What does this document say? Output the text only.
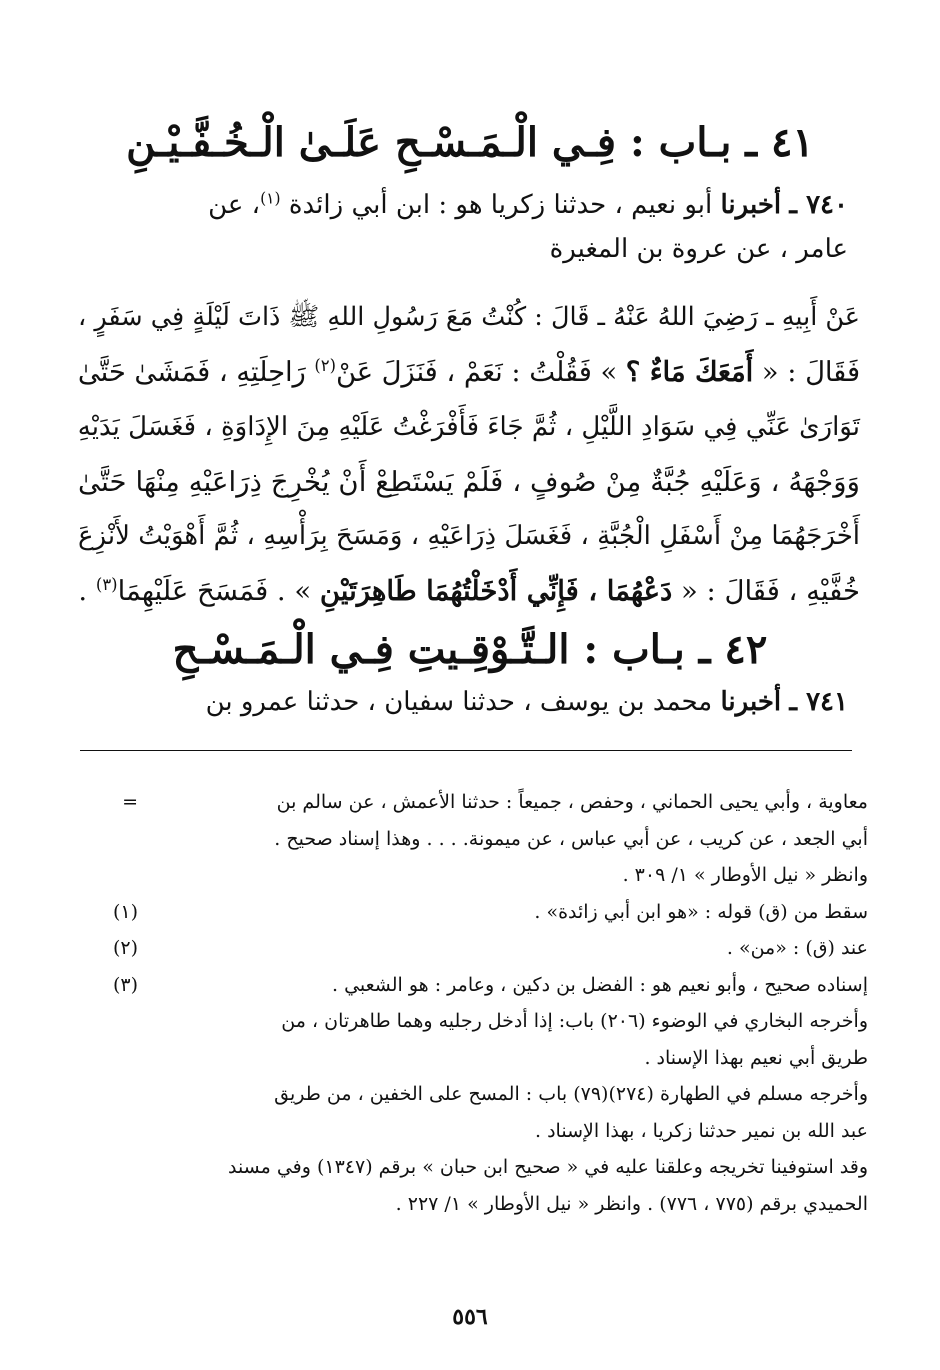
٤١ ـ بـاب : فِـي الْـمَـسْـحِ عَلَـىٰ الْـخُـفَّـيْـنِ
٧٤٠ ـ أخبرنا أبو نعيم ، حدثنا زكريا هو : ابن أبي زائدة $^{(١)}$، عن
عامر ، عن عروة بن المغيرة
عَنْ أَبِيهِ ـ رَضِيَ اللهُ عَنْهُ ـ قَالَ : كُنْتُ مَعَ رَسُولِ اللهِ ﷺ ذَاتَ لَيْلَةٍ فِي سَفَرٍ ،
فَقَالَ : « أَمَعَكَ مَاءٌ ؟ » فَقُلْتُ : نَعَمْ ، فَنَزَلَ عَنْ$^{(٢)}$ رَاحِلَتِهِ ، فَمَشَىٰ حَتَّىٰ
تَوَارَىٰ عَنِّي فِي سَوَادِ اللَّيْلِ ، ثُمَّ جَاءَ فَأَفْرَغْتُ عَلَيْهِ مِنَ الإِدَاوَةِ ، فَغَسَلَ يَدَيْهِ
وَوَجْهَهُ ، وَعَلَيْهِ جُبَّةٌ مِنْ صُوفٍ ، فَلَمْ يَسْتَطِعْ أَنْ يُخْرِجَ ذِرَاعَيْهِ مِنْهَا حَتَّىٰ
أَخْرَجَهُمَا مِنْ أَسْفَلِ الْجُبَّةِ ، فَغَسَلَ ذِرَاعَيْهِ ، وَمَسَحَ بِرَأْسِهِ ، ثُمَّ أَهْوَيْتُ لأَنْزِعَ
خُفَّيْهِ ، فَقَالَ : « دَعْهُمَا ، فَإِنِّي أَدْخَلْتُهُمَا طَاهِرَتَيْنِ » . فَمَسَحَ عَلَيْهِمَا$^{(٣)}$ .
٤٢ ـ بـاب : الـتَّـوْقِـيتِ فِـي الْـمَـسْـحِ
٧٤١ ـ أخبرنا محمد بن يوسف ، حدثنا سفيان ، حدثنا عمرو بن
=	معاوية ، وأبي يحيى الحماني ، وحفص ، جميعاً : حدثنا الأعمش ، عن سالم بن
أبي الجعد ، عن كريب ، عن أبي عباس ، عن ميمونة. . . . وهذا إسناد صحيح .
وانظر « نيل الأوطار » ١/ ٣٠٩ .
(١)	سقط من (ق) قوله : «هو ابن أبي زائدة» .
(٢)	عند (ق) : «من» .
(٣)	إسناده صحيح ، وأبو نعيم هو : الفضل بن دكين ، وعامر : هو الشعبي .
وأخرجه البخاري في الوضوء (٢٠٦) باب: إذا أدخل رجليه وهما طاهرتان ، من
طريق أبي نعيم بهذا الإسناد .
وأخرجه مسلم في الطهارة (٢٧٤)(٧٩) باب : المسح على الخفين ، من طريق
عبد الله بن نمير حدثنا زكريا ، بهذا الإسناد .
وقد استوفينا تخريجه وعلقنا عليه في « صحيح ابن حبان » برقم (١٣٤٧) وفي مسند
الحميدي برقم (٧٧٥ ، ٧٧٦) . وانظر « نيل الأوطار » ١/ ٢٢٧ .
٥٥٦
